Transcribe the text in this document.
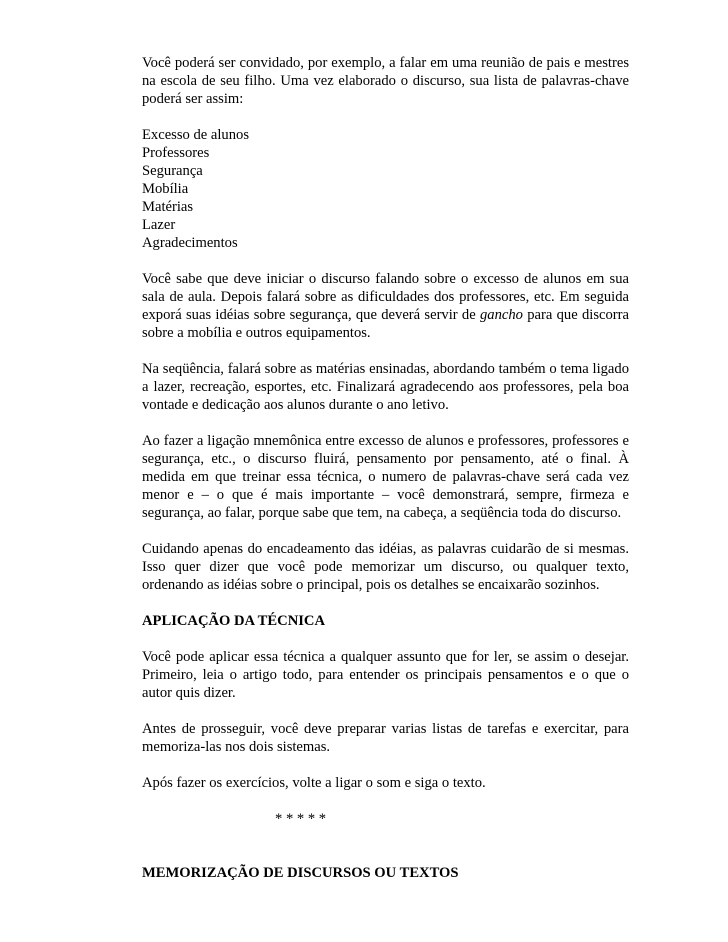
Você poderá ser convidado, por exemplo, a falar em uma reunião de pais e mestres na escola de seu filho. Uma vez elaborado o discurso, sua lista de palavras-chave poderá ser assim:

Excesso de alunos
Professores
Segurança
Mobília
Matérias
Lazer
Agradecimentos

Você sabe que deve iniciar o discurso falando sobre o excesso de alunos em sua sala de aula. Depois falará sobre as dificuldades dos professores, etc. Em seguida exporá suas idéias sobre segurança, que deverá servir de gancho para que discorra sobre a mobília e outros equipamentos.

Na seqüência, falará sobre as matérias ensinadas, abordando também o tema ligado a lazer, recreação, esportes, etc. Finalizará agradecendo aos professores, pela boa vontade e dedicação aos alunos durante o ano letivo.

Ao fazer a ligação mnemônica entre excesso de alunos e professores, professores e segurança, etc., o discurso fluirá, pensamento por pensamento, até o final. À medida em que treinar essa técnica, o numero de palavras-chave será cada vez menor e – o que é mais importante – você demonstrará, sempre, firmeza e segurança, ao falar, porque sabe que tem, na cabeça, a seqüência toda do discurso.

Cuidando apenas do encadeamento das idéias, as palavras cuidarão de si mesmas. Isso quer dizer que você pode memorizar um discurso, ou qualquer texto, ordenando as idéias sobre o principal, pois os detalhes se encaixarão sozinhos.

APLICAÇÃO DA TÉCNICA

Você pode aplicar essa técnica a qualquer assunto que for ler, se assim o desejar. Primeiro, leia o artigo todo, para entender os principais pensamentos e o que o autor quis dizer.

Antes de prosseguir, você deve preparar varias listas de tarefas e exercitar, para memoriza-las nos dois sistemas.

Após fazer os exercícios, volte a ligar o som e siga o texto.

* * * * *
MEMORIZAÇÃO DE DISCURSOS OU TEXTOS
